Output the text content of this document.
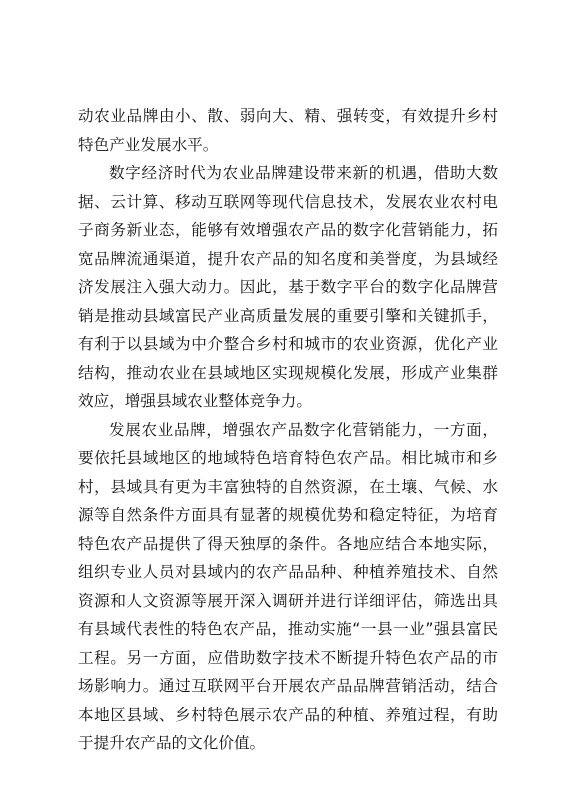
动农业品牌由小、散、弱向大、精、强转变，有效提升乡村特色产业发展水平。

数字经济时代为农业品牌建设带来新的机遇，借助大数据、云计算、移动互联网等现代信息技术，发展农业农村电子商务新业态，能够有效增强农产品的数字化营销能力，拓宽品牌流通渠道，提升农产品的知名度和美誉度，为县域经济发展注入强大动力。因此，基于数字平台的数字化品牌营销是推动县域富民产业高质量发展的重要引擎和关键抓手，有利于以县域为中介整合乡村和城市的农业资源，优化产业结构，推动农业在县域地区实现规模化发展，形成产业集群效应，增强县域农业整体竞争力。

发展农业品牌，增强农产品数字化营销能力，一方面，要依托县域地区的地域特色培育特色农产品。相比城市和乡村，县域具有更为丰富独特的自然资源，在土壤、气候、水源等自然条件方面具有显著的规模优势和稳定特征，为培育特色农产品提供了得天独厚的条件。各地应结合本地实际，组织专业人员对县域内的农产品品种、种植养殖技术、自然资源和人文资源等展开深入调研并进行详细评估，筛选出具有县域代表性的特色农产品，推动实施“一县一业”强县富民工程。另一方面，应借助数字技术不断提升特色农产品的市场影响力。通过互联网平台开展农产品品牌营销活动，结合本地区县域、乡村特色展示农产品的种植、养殖过程，有助于提升农产品的文化价值。
